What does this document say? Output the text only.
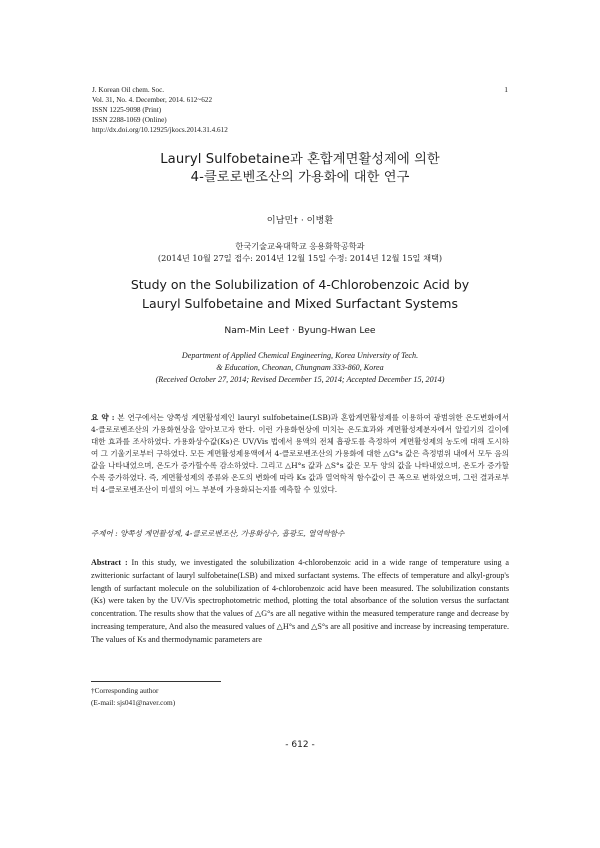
J. Korean Oil chem. Soc.
Vol. 31, No. 4. December, 2014. 612~622
ISSN 1225-9098 (Print)
ISSN 2288-1069 (Online)
http://dx.doi.org/10.12925/jkocs.2014.31.4.612
1
Lauryl Sulfobetaine과 혼합계면활성제에 의한
4-클로로벤조산의 가용화에 대한 연구
이남민† · 이병환
한국기술교육대학교 응용화학공학과
(2014년 10월 27일 접수: 2014년 12월 15일 수정: 2014년 12월 15일 채택)
Study on the Solubilization of 4-Chlorobenzoic Acid by
Lauryl Sulfobetaine and Mixed Surfactant Systems
Nam-Min Lee† · Byung-Hwan Lee
Department of Applied Chemical Engineering, Korea University of Tech.
& Education, Cheonan, Chungnam 333-860, Korea
(Received October 27, 2014; Revised December 15, 2014; Accepted December 15, 2014)
요 약 : 본 연구에서는 양쪽성 계면활성제인 lauryl sulfobetaine(LSB)과 혼합계면활성제를 이용하여 광범위한 온도변화에서 4-클로로벤조산의 가용화현상을 알아보고자 한다. 이런 가용화현상에 미치는 온도효과와 계면활성제분자에서 알킬기의 길이에 대한 효과를 조사하였다. 가용화상수값(Ks)은 UV/Vis 법에서 용액의 전체 흡광도를 측정하여 계면활성제의 농도에 대해 도시하여 그 기울기로부터 구하였다. 모든 계면활성제용액에서 4-클로로벤조산의 가용화에 대한 △G°s 값은 측정범위 내에서 모두 음의 값을 나타내었으며, 온도가 증가할수록 감소하였다. 그리고 △H°s 값과 △S°s 값은 모두 양의 값을 나타내었으며, 온도가 증가할수록 증가하였다. 즉, 계면활성제의 종류와 온도의 변화에 따라 Ks 값과 열역학적 함수값이 큰 폭으로 변하였으며, 그런 결과로부터 4-클로로벤조산이 미셀의 어느 부분에 가용화되는지를 예측할 수 있었다.
주제어 : 양쪽성 계면활성제, 4-클로로벤조산, 가용화상수, 흡광도, 열역학함수
Abstract : In this study, we investigated the solubilization 4-chlorobenzoic acid in a wide range of temperature using a zwitterionic surfactant of lauryl sulfobetaine(LSB) and mixed surfactant systems. The effects of temperature and alkyl-group's length of surfactant molecule on the solubilization of 4-chlorobenzoic acid have been measured. The solubilization constants (Ks) were taken by the UV/Vis spectrophotometric method, plotting the total absorbance of the solution versus the surfactant concentration. The results show that the values of △G°s are all negative within the measured temperature range and decrease by increasing temperature, And also the measured values of △H°s and △S°s are all positive and increase by increasing temperature. The values of Ks and thermodynamic parameters are
†Corresponding author
(E-mail: sjs041@naver.com)
- 612 -
